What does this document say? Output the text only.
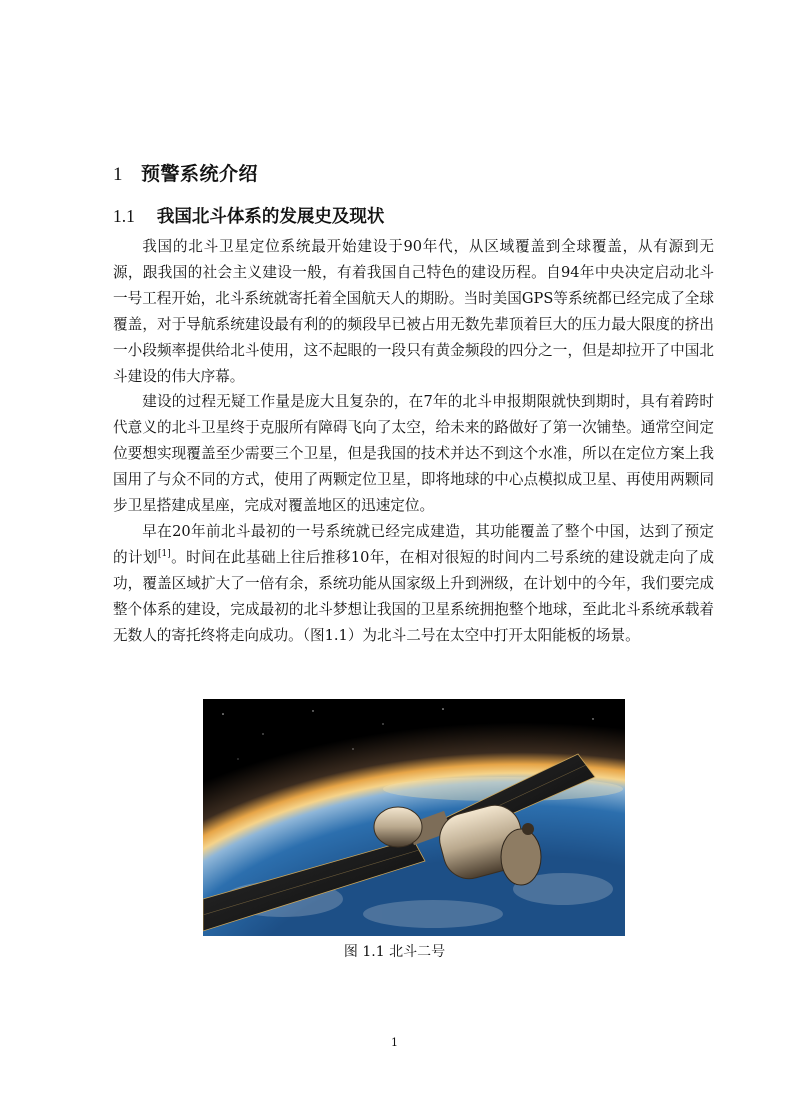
1 预警系统介绍
1.1 我国北斗体系的发展史及现状

我国的北斗卫星定位系统最开始建设于90年代，从区域覆盖到全球覆盖，从有源到无源，跟我国的社会主义建设一般，有着我国自己特色的建设历程。自94年中央决定启动北斗一号工程开始，北斗系统就寄托着全国航天人的期盼。当时美国GPS等系统都已经完成了全球覆盖，对于导航系统建设最有利的的频段早已被占用无数先辈顶着巨大的压力最大限度的挤出一小段频率提供给北斗使用，这不起眼的一段只有黄金频段的四分之一，但是却拉开了中国北斗建设的伟大序幕。

建设的过程无疑工作量是庞大且复杂的，在7年的北斗申报期限就快到期时，具有着跨时代意义的北斗卫星终于克服所有障碍飞向了太空，给未来的路做好了第一次铺垫。通常空间定位要想实现覆盖至少需要三个卫星，但是我国的技术并达不到这个水准，所以在定位方案上我国用了与众不同的方式，使用了两颗定位卫星，即将地球的中心点模拟成卫星、再使用两颗同步卫星搭建成星座，完成对覆盖地区的迅速定位。

早在20年前北斗最初的一号系统就已经完成建造，其功能覆盖了整个中国，达到了预定的计划[1]。时间在此基础上往后推移10年，在相对很短的时间内二号系统的建设就走向了成功，覆盖区域扩大了一倍有余，系统功能从国家级上升到洲级，在计划中的今年，我们要完成整个体系的建设，完成最初的北斗梦想让我国的卫星系统拥抱整个地球，至此北斗系统承载着无数人的寄托终将走向成功。（图1.1）为北斗二号在太空中打开太阳能板的场景。

图 1.1 北斗二号
1
